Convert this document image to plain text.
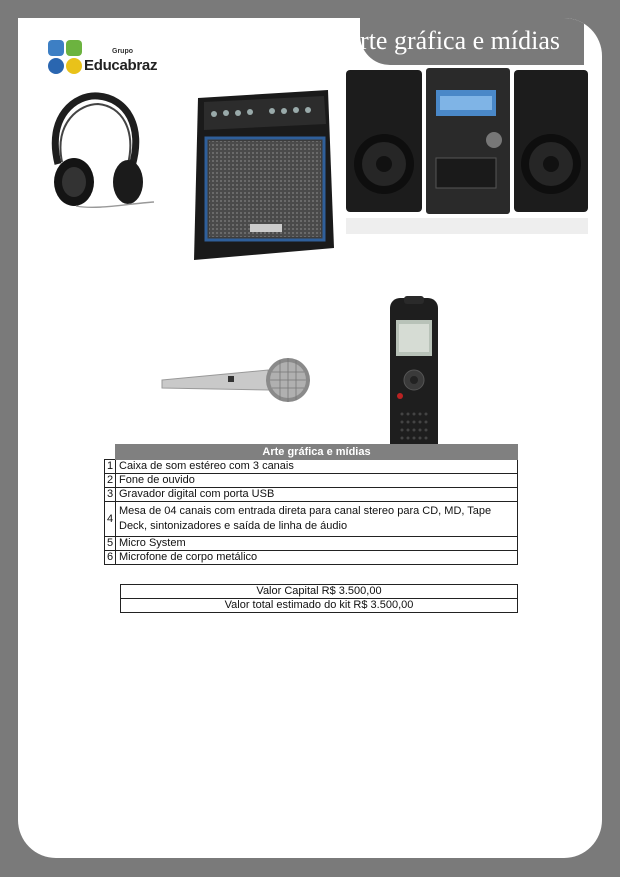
Arte gráfica e mídias
Grupo
Educabraz
	Arte gráfica e mídias
1	Caixa de som estéreo com 3 canais
2	Fone de ouvido
3	Gravador digital com porta USB
4	Mesa de 04 canais com entrada direta para canal stereo para CD, MD, Tape Deck, sintonizadores e saída de linha de áudio
5	Micro System
6	Microfone de corpo metálico
Valor Capital R$ 3.500,00
Valor total estimado do kit R$ 3.500,00
